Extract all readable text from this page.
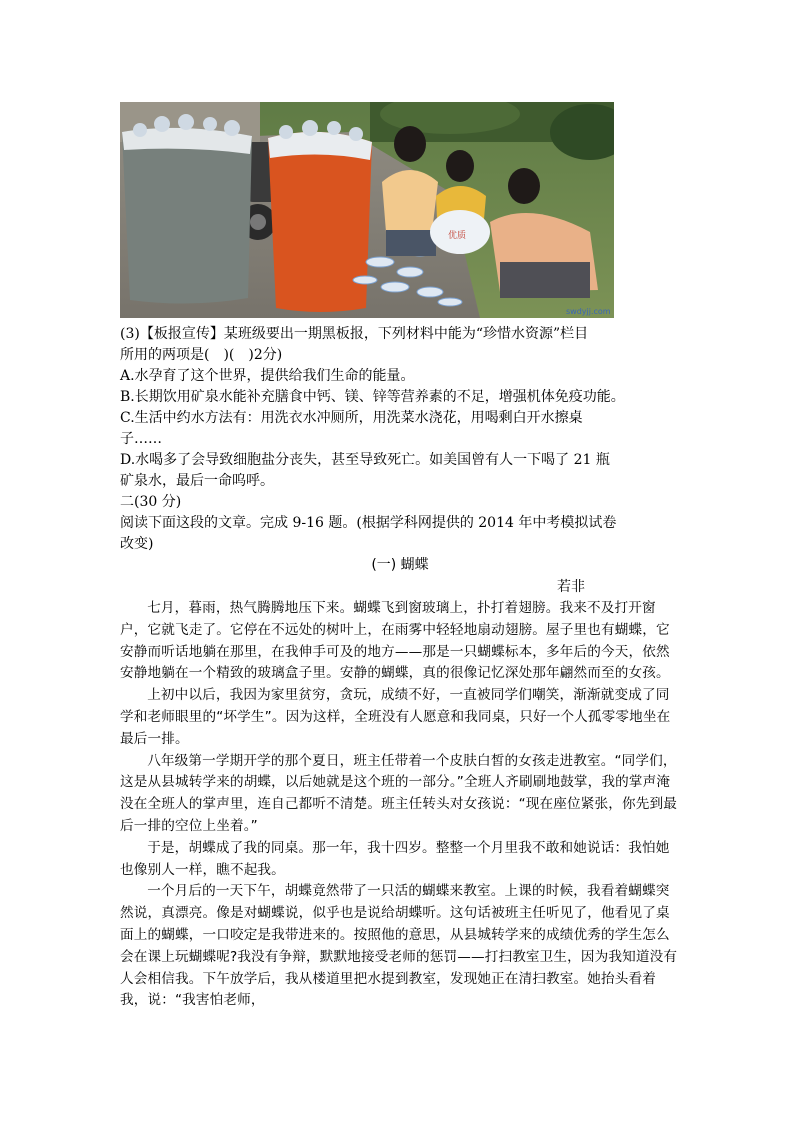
优质
swdyjj.com

(3)【板报宣传】某班级要出一期黑板报，下列材料中能为“珍惜水资源”栏目

所用的两项是(　)(　)2分)

A.水孕育了这个世界，提供给我们生命的能量。

B.长期饮用矿泉水能补充膳食中钙、镁、锌等营养素的不足，增强机体免疫功能。

C.生活中约水方法有：用洗衣水冲厕所，用洗菜水浇花，用喝剩白开水擦桌

子……

D.水喝多了会导致细胞盐分丧失，甚至导致死亡。如美国曾有人一下喝了 21 瓶

矿泉水，最后一命呜呼。

二(30 分)

阅读下面这段的文章。完成 9-16 题。(根据学科网提供的 2014 年中考模拟试卷

改变)

(一) 蝴蝶
若非

七月，暮雨，热气腾腾地压下来。蝴蝶飞到窗玻璃上，扑打着翅膀。我来不及打开窗户，它就飞走了。它停在不远处的树叶上，在雨雾中轻轻地扇动翅膀。屋子里也有蝴蝶，它安静而听话地躺在那里，在我伸手可及的地方——那是一只蝴蝶标本，多年后的今天，依然安静地躺在一个精致的玻璃盒子里。安静的蝴蝶，真的很像记忆深处那年翩然而至的女孩。

上初中以后，我因为家里贫穷，贪玩，成绩不好，一直被同学们嘲笑，渐渐就变成了同学和老师眼里的“坏学生”。因为这样，全班没有人愿意和我同桌，只好一个人孤零零地坐在最后一排。

八年级第一学期开学的那个夏日，班主任带着一个皮肤白皙的女孩走进教室。“同学们，这是从县城转学来的胡蝶，以后她就是这个班的一部分。”全班人齐刷刷地鼓掌，我的掌声淹没在全班人的掌声里，连自己都听不清楚。班主任转头对女孩说：“现在座位紧张，你先到最后一排的空位上坐着。”

于是，胡蝶成了我的同桌。那一年，我十四岁。整整一个月里我不敢和她说话：我怕她也像别人一样，瞧不起我。

一个月后的一天下午，胡蝶竟然带了一只活的蝴蝶来教室。上课的时候，我看着蝴蝶突然说，真漂亮。像是对蝴蝶说，似乎也是说给胡蝶听。这句话被班主任听见了，他看见了桌面上的蝴蝶，一口咬定是我带进来的。按照他的意思，从县城转学来的成绩优秀的学生怎么会在课上玩蝴蝶呢?我没有争辩，默默地接受老师的惩罚——打扫教室卫生，因为我知道没有人会相信我。下午放学后，我从楼道里把水提到教室，发现她正在清扫教室。她抬头看着我，说：“我害怕老师，
